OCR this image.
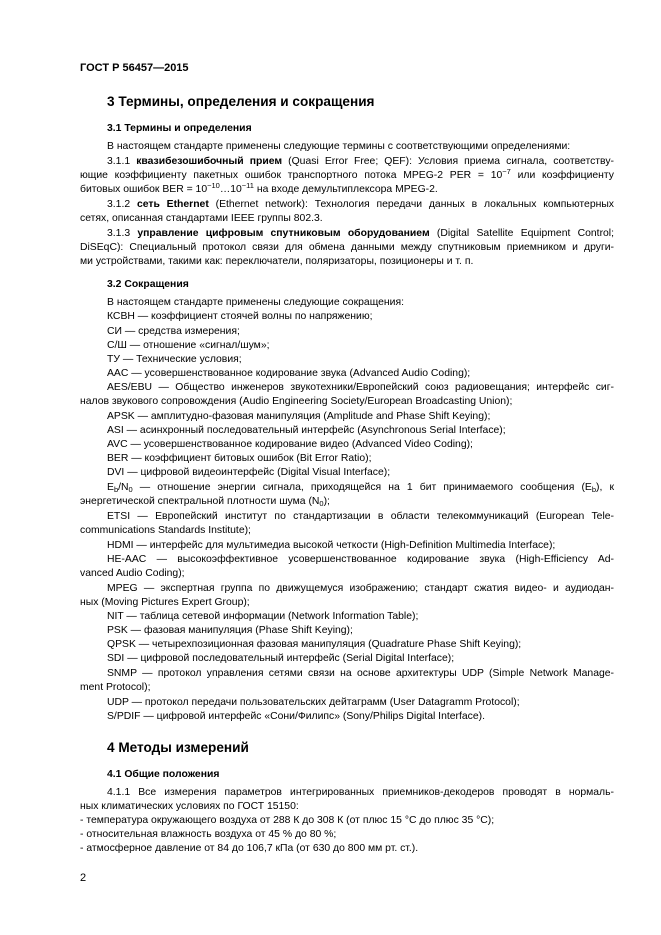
ГОСТ Р 56457—2015
3 Термины, определения и сокращения
3.1 Термины и определения
В настоящем стандарте применены следующие термины с соответствующими определениями:
3.1.1 квазибезошибочный прием (Quasi Error Free; QEF): Условия приема сигнала, соответству-
ющие коэффициенту пакетных ошибок транспортного потока MPEG-2 PER = $10^{-7}$ или коэффициенту
битовых ошибок BER = $10^{-10}\dots 10^{-11}$ на входе демультиплексора MPEG-2.
3.1.2 сеть Ethernet (Ethernet network): Технология передачи данных в локальных компьютерных
сетях, описанная стандартами IEEE группы 802.3.
3.1.3 управление цифровым спутниковым оборудованием (Digital Satellite Equipment Control;
DiSEqC): Специальный протокол связи для обмена данными между спутниковым приемником и други-
ми устройствами, такими как: переключатели, поляризаторы, позиционеры и т. п.
3.2 Сокращения
В настоящем стандарте применены следующие сокращения:
КСВН — коэффициент стоячей волны по напряжению;
СИ — средства измерения;
С/Ш — отношение «сигнал/шум»;
ТУ — Технические условия;
AAC — усовершенствованное кодирование звука (Advanced Audio Coding);
AES/EBU — Общество инженеров звукотехники/Европейский союз радиовещания; интерфейс сиг-
налов звукового сопровождения (Audio Engineering Society/European Broadcasting Union);
APSK — амплитудно-фазовая манипуляция (Amplitude and Phase Shift Keying);
ASI — асинхронный последовательный интерфейс (Asynchronous Serial Interface);
AVC — усовершенствованное кодирование видео (Advanced Video Coding);
BER — коэффициент битовых ошибок (Bit Error Ratio);
DVI — цифровой видеоинтерфейс (Digital Visual Interface);
$E_b/N_0$ — отношение энергии сигнала, приходящейся на 1 бит принимаемого сообщения $(E_b)$, к
энергетической спектральной плотности шума $(N_0)$;
ETSI — Европейский институт по стандартизации в области телекоммуникаций (European Tele-
communications Standards Institute);
HDMI — интерфейс для мультимедиа высокой четкости (High-Definition Multimedia Interface);
HE-AAC — высокоэффективное усовершенствованное кодирование звука (High-Efficiency Ad-
vanced Audio Coding);
MPEG — экспертная группа по движущемуся изображению; стандарт сжатия видео- и аудиодан-
ных (Moving Pictures Expert Group);
NIT — таблица сетевой информации (Network Information Table);
PSK — фазовая манипуляция (Phase Shift Keying);
QPSK — четырехпозиционная фазовая манипуляция (Quadrature Phase Shift Keying);
SDI — цифровой последовательный интерфейс (Serial Digital Interface);
SNMP — протокол управления сетями связи на основе архитектуры UDP (Simple Network Manage-
ment Protocol);
UDP — протокол передачи пользовательских дейтаграмм (User Datagramm Protocol);
S/PDIF — цифровой интерфейс «Сони/Филипс» (Sony/Philips Digital Interface).
4 Методы измерений
4.1 Общие положения
4.1.1 Все измерения параметров интегрированных приемников-декодеров проводят в нормаль-
ных климатических условиях по ГОСТ 15150:
- температура окружающего воздуха от 288 К до 308 К (от плюс 15 °С до плюс 35 °С);
- относительная влажность воздуха от 45 % до 80 %;
- атмосферное давление от 84 до 106,7 кПа (от 630 до 800 мм рт. ст.).
2
